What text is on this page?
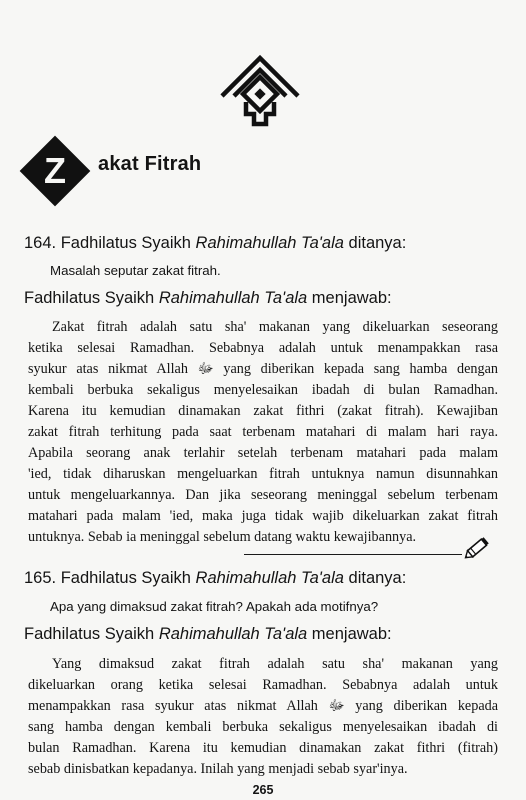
Z akat Fitrah
164. Fadhilatus Syaikh Rahimahullah Ta'ala ditanya:
Masalah seputar zakat fitrah.
Fadhilatus Syaikh Rahimahullah Ta'ala menjawab:
Zakat fitrah adalah satu sha' makanan yang dikeluarkan seseorang
ketika selesai Ramadhan. Sebabnya adalah untuk menampakkan rasa
syukur atas nikmat Allah ﷻ yang diberikan kepada sang hamba dengan
kembali berbuka sekaligus menyelesaikan ibadah di bulan Ramadhan.
Karena itu kemudian dinamakan zakat fithri (zakat fitrah). Kewajiban
zakat fitrah terhitung pada saat terbenam matahari di malam hari raya.
Apabila seorang anak terlahir setelah terbenam matahari pada malam
'ied, tidak diharuskan mengeluarkan fitrah untuknya namun disunnahkan
untuk mengeluarkannya. Dan jika seseorang meninggal sebelum terbenam
matahari pada malam 'ied, maka juga tidak wajib dikeluarkan zakat fitrah
untuknya. Sebab ia meninggal sebelum datang waktu kewajibannya.
165. Fadhilatus Syaikh Rahimahullah Ta'ala ditanya:
Apa yang dimaksud zakat fitrah? Apakah ada motifnya?
Fadhilatus Syaikh Rahimahullah Ta'ala menjawab:
Yang dimaksud zakat fitrah adalah satu sha' makanan yang
dikeluarkan orang ketika selesai Ramadhan. Sebabnya adalah untuk
menampakkan rasa syukur atas nikmat Allah ﷻ yang diberikan kepada
sang hamba dengan kembali berbuka sekaligus menyelesaikan ibadah di
bulan Ramadhan. Karena itu kemudian dinamakan zakat fithri (fitrah)
sebab dinisbatkan kepadanya. Inilah yang menjadi sebab syar'inya.
265
